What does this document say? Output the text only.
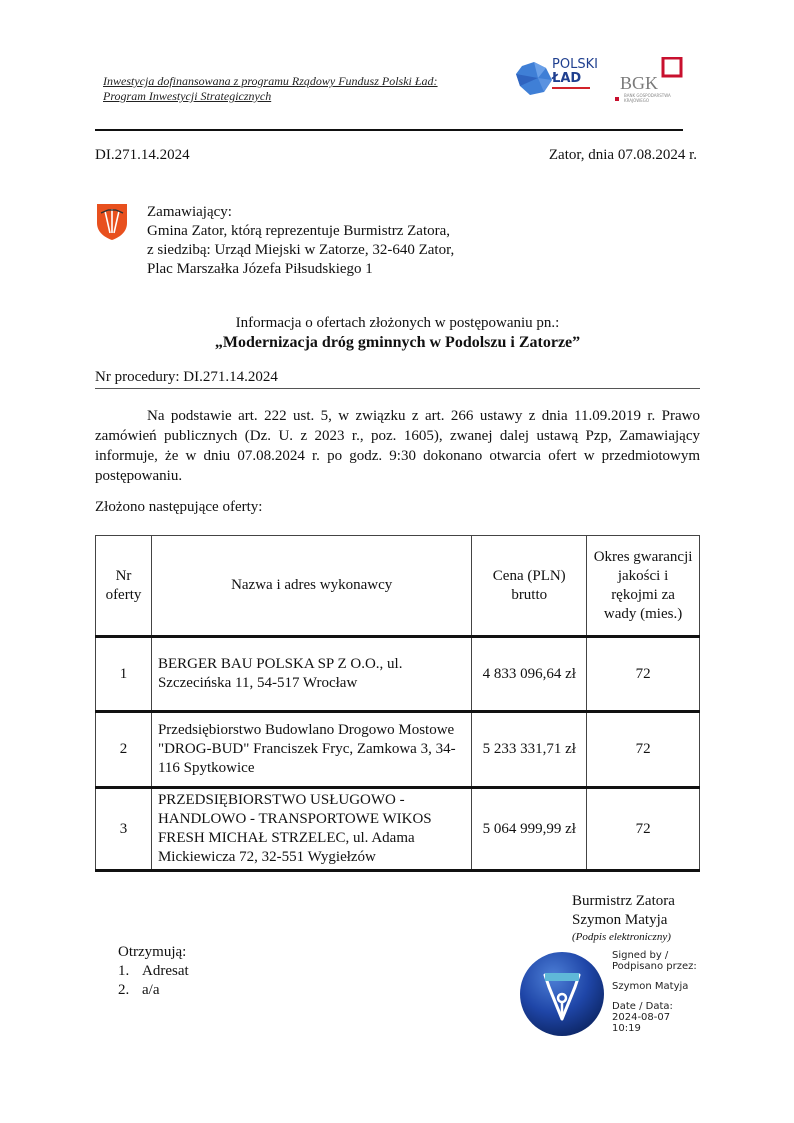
Inwestycja dofinansowana z programu Rządowy Fundusz Polski Ład:
Program Inwestycji Strategicznych
POLSKI
ŁAD	BGK
BANK GOSPODARSTWA
KRAJOWEGO
DI.271.14.2024	Zator, dnia 07.08.2024 r.
Zamawiający:
Gmina Zator, którą reprezentuje Burmistrz Zatora,
z siedzibą: Urząd Miejski w Zatorze, 32-640 Zator,
Plac Marszałka Józefa Piłsudskiego 1
Informacja o ofertach złożonych w postępowaniu pn.:
„Modernizacja dróg gminnych w Podolszu i Zatorze”
Nr procedury: DI.271.14.2024
Na podstawie art. 222 ust. 5, w związku z art. 266 ustawy z dnia 11.09.2019 r. Prawo zamówień publicznych (Dz. U. z 2023 r., poz. 1605), zwanej dalej ustawą Pzp, Zamawiający informuje, że w dniu 07.08.2024 r. po godz. 9:30 dokonano otwarcia ofert w przedmiotowym postępowaniu.
Złożono następujące oferty:
Nr oferty	Nazwa i adres wykonawcy	Cena (PLN) brutto	Okres gwarancji jakości i rękojmi za wady (mies.)
1	BERGER BAU POLSKA SP Z O.O., ul. Szczecińska 11, 54-517 Wrocław	4 833 096,64 zł	72
2	Przedsiębiorstwo Budowlano Drogowo Mostowe "DROG-BUD" Franciszek Fryc, Zamkowa 3, 34-116 Spytkowice	5 233 331,71 zł	72
3	PRZEDSIĘBIORSTWO USŁUGOWO - HANDLOWO - TRANSPORTOWE WIKOS FRESH MICHAŁ STRZELEC, ul. Adama Mickiewicza 72, 32-551 Wygiełzów	5 064 999,99 zł	72
Burmistrz Zatora
Szymon Matyja
(Podpis elektroniczny)
Otrzymują:
1. Adresat
2. a/a
Signed by /
Podpisano przez:
Szymon Matyja
Date / Data:
2024-08-07
10:19
